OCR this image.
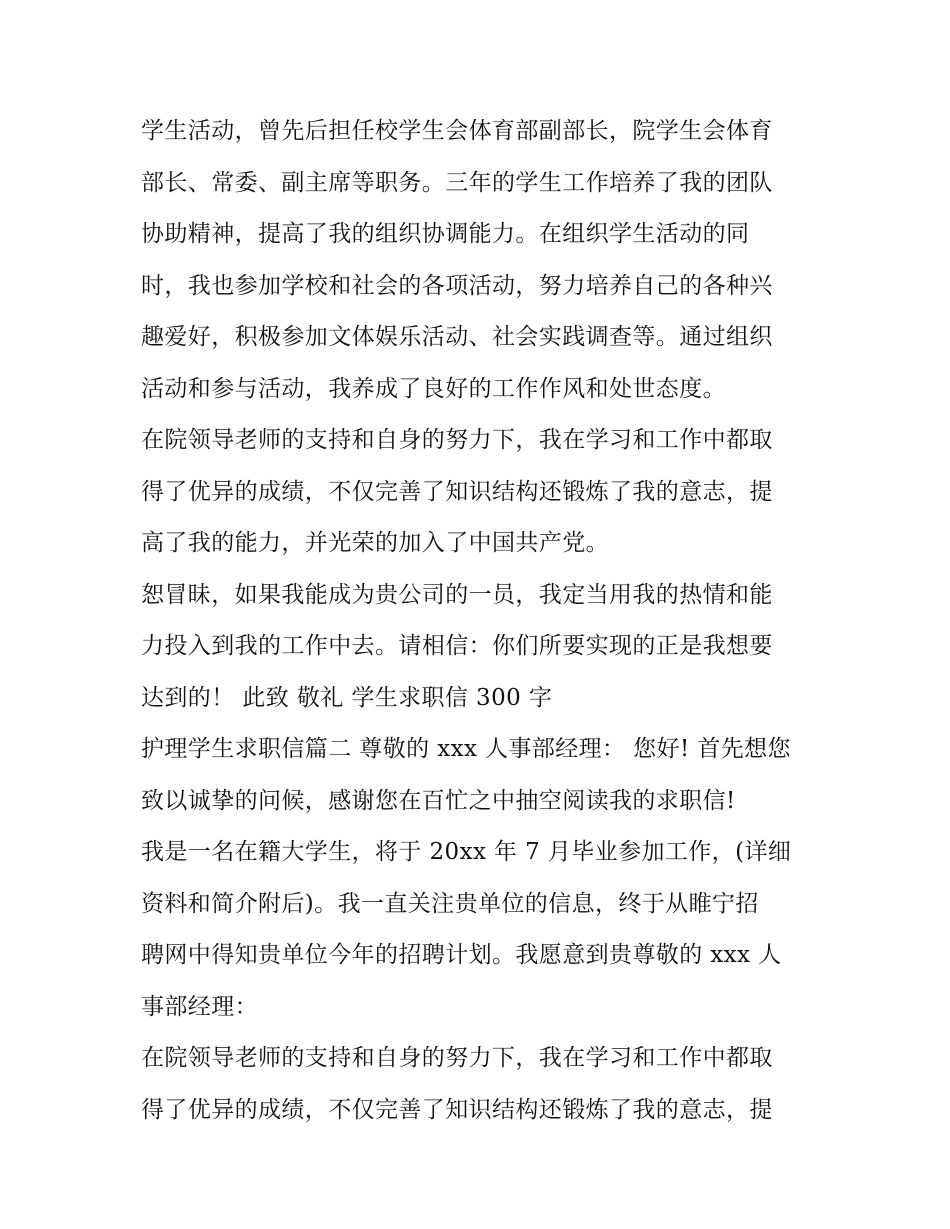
学生活动，曾先后担任校学生会体育部副部长，院学生会体育
部长、常委、副主席等职务。三年的学生工作培养了我的团队
协助精神，提高了我的组织协调能力。在组织学生活动的同
时，我也参加学校和社会的各项活动，努力培养自己的各种兴
趣爱好，积极参加文体娱乐活动、社会实践调查等。通过组织
活动和参与活动，我养成了良好的工作作风和处世态度。
在院领导老师的支持和自身的努力下，我在学习和工作中都取
得了优异的成绩，不仅完善了知识结构还锻炼了我的意志，提
高了我的能力，并光荣的加入了中国共产党。
恕冒昧，如果我能成为贵公司的一员，我定当用我的热情和能
力投入到我的工作中去。请相信：你们所要实现的正是我想要
达到的！ 此致 敬礼 学生求职信 300 字
护理学生求职信篇二 尊敬的 xxx 人事部经理： 您好! 首先想您
致以诚挚的问候，感谢您在百忙之中抽空阅读我的求职信!
我是一名在籍大学生，将于 20xx 年 7 月毕业参加工作，(详细
资料和简介附后)。我一直关注贵单位的信息，终于从睢宁招
聘网中得知贵单位今年的招聘计划。我愿意到贵尊敬的 xxx 人
事部经理：
在院领导老师的支持和自身的努力下，我在学习和工作中都取
得了优异的成绩，不仅完善了知识结构还锻炼了我的意志，提
